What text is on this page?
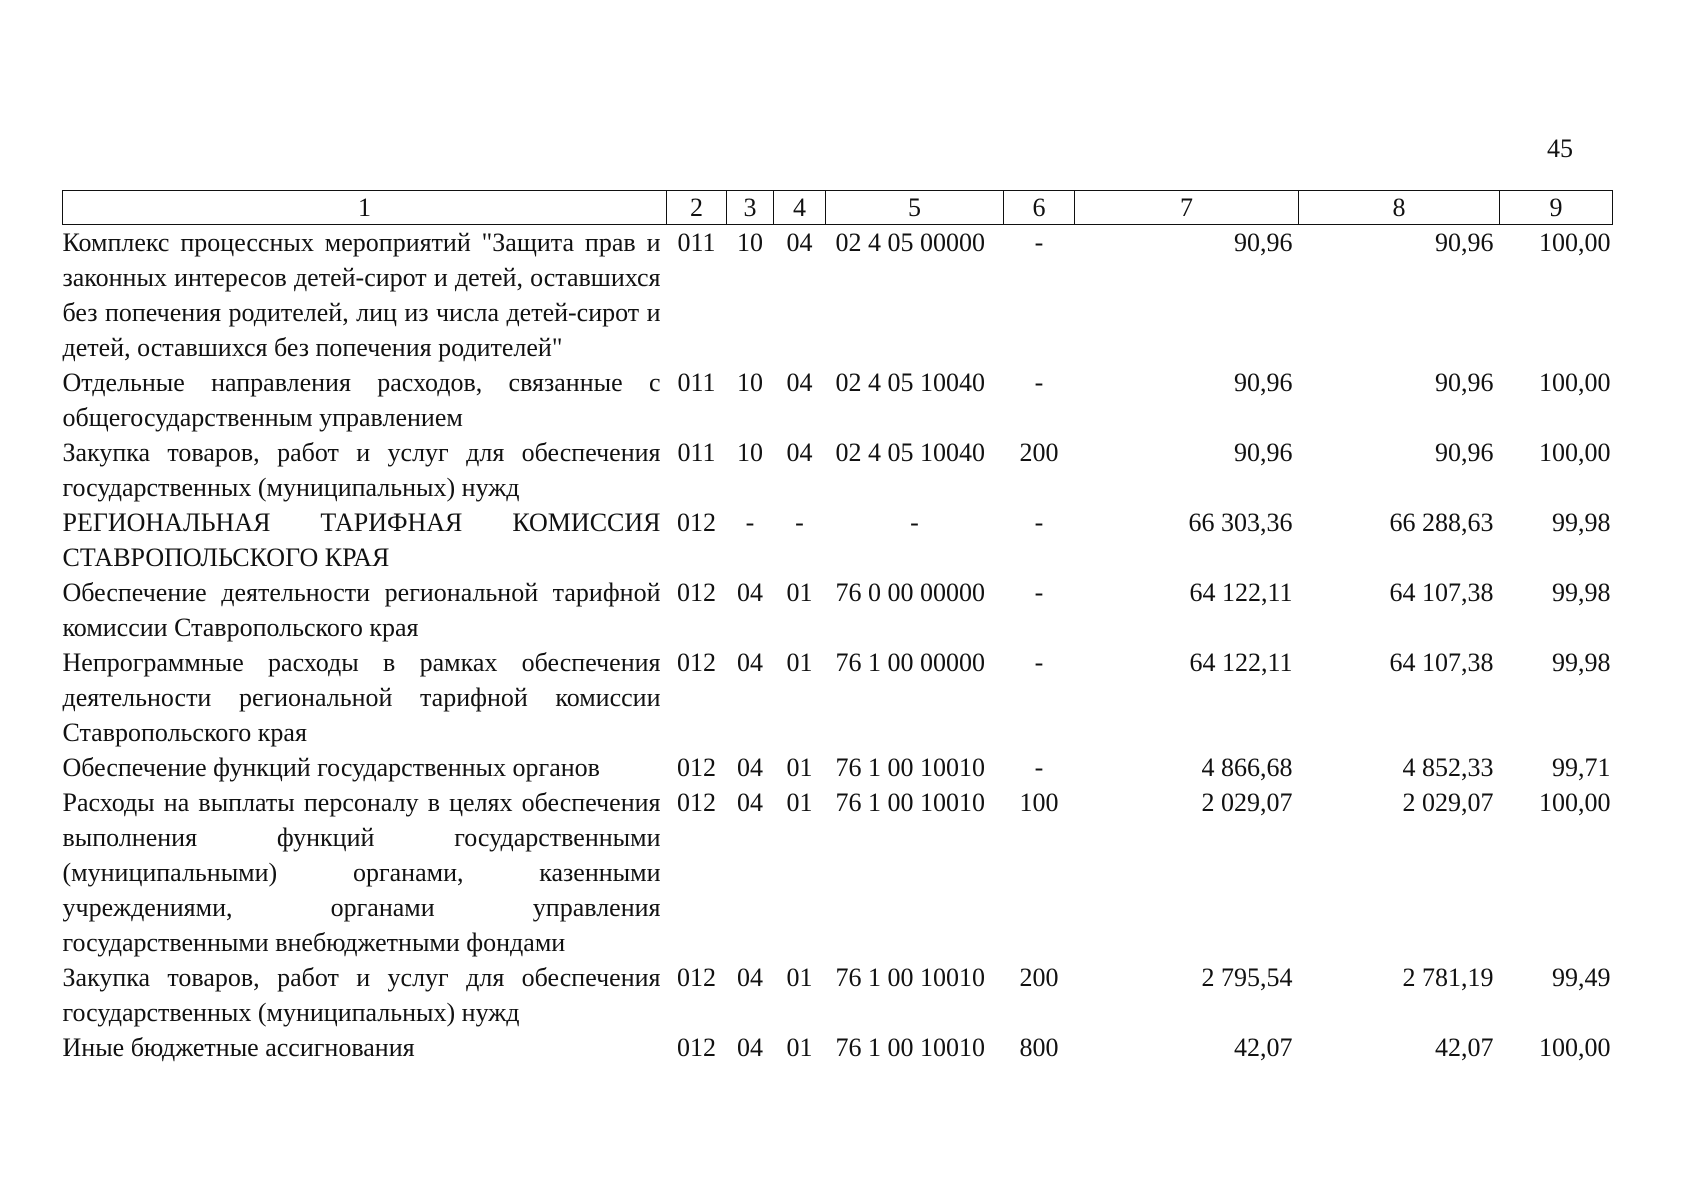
45
1	2	3	4	5	6	7	8	9
Комплекс процессных мероприятий "Защита прав и законных интересов детей-сирот и детей, оставшихся без попечения родителей, лиц из числа детей-сирот и детей, оставшихся без попечения родителей"	011	10	04	02 4 05 00000	-	90,96	90,96	100,00
Отдельные направления расходов, связанные с общегосударственным управлением	011	10	04	02 4 05 10040	-	90,96	90,96	100,00
Закупка товаров, работ и услуг для обеспечения государственных (муниципальных) нужд	011	10	04	02 4 05 10040	200	90,96	90,96	100,00
РЕГИОНАЛЬНАЯ ТАРИФНАЯ КОМИССИЯ СТАВРОПОЛЬСКОГО КРАЯ	012	-	-	-	-	66 303,36	66 288,63	99,98
Обеспечение деятельности региональной тарифной комиссии Ставропольского края	012	04	01	76 0 00 00000	-	64 122,11	64 107,38	99,98
Непрограммные расходы в рамках обеспечения деятельности региональной тарифной комиссии Ставропольского края	012	04	01	76 1 00 00000	-	64 122,11	64 107,38	99,98
Обеспечение функций государственных органов	012	04	01	76 1 00 10010	-	4 866,68	4 852,33	99,71
Расходы на выплаты персоналу в целях обеспечения выполнения функций государственными (муниципальными) органами, казенными учреждениями, органами управления государственными внебюджетными фондами	012	04	01	76 1 00 10010	100	2 029,07	2 029,07	100,00
Закупка товаров, работ и услуг для обеспечения государственных (муниципальных) нужд	012	04	01	76 1 00 10010	200	2 795,54	2 781,19	99,49
Иные бюджетные ассигнования	012	04	01	76 1 00 10010	800	42,07	42,07	100,00
